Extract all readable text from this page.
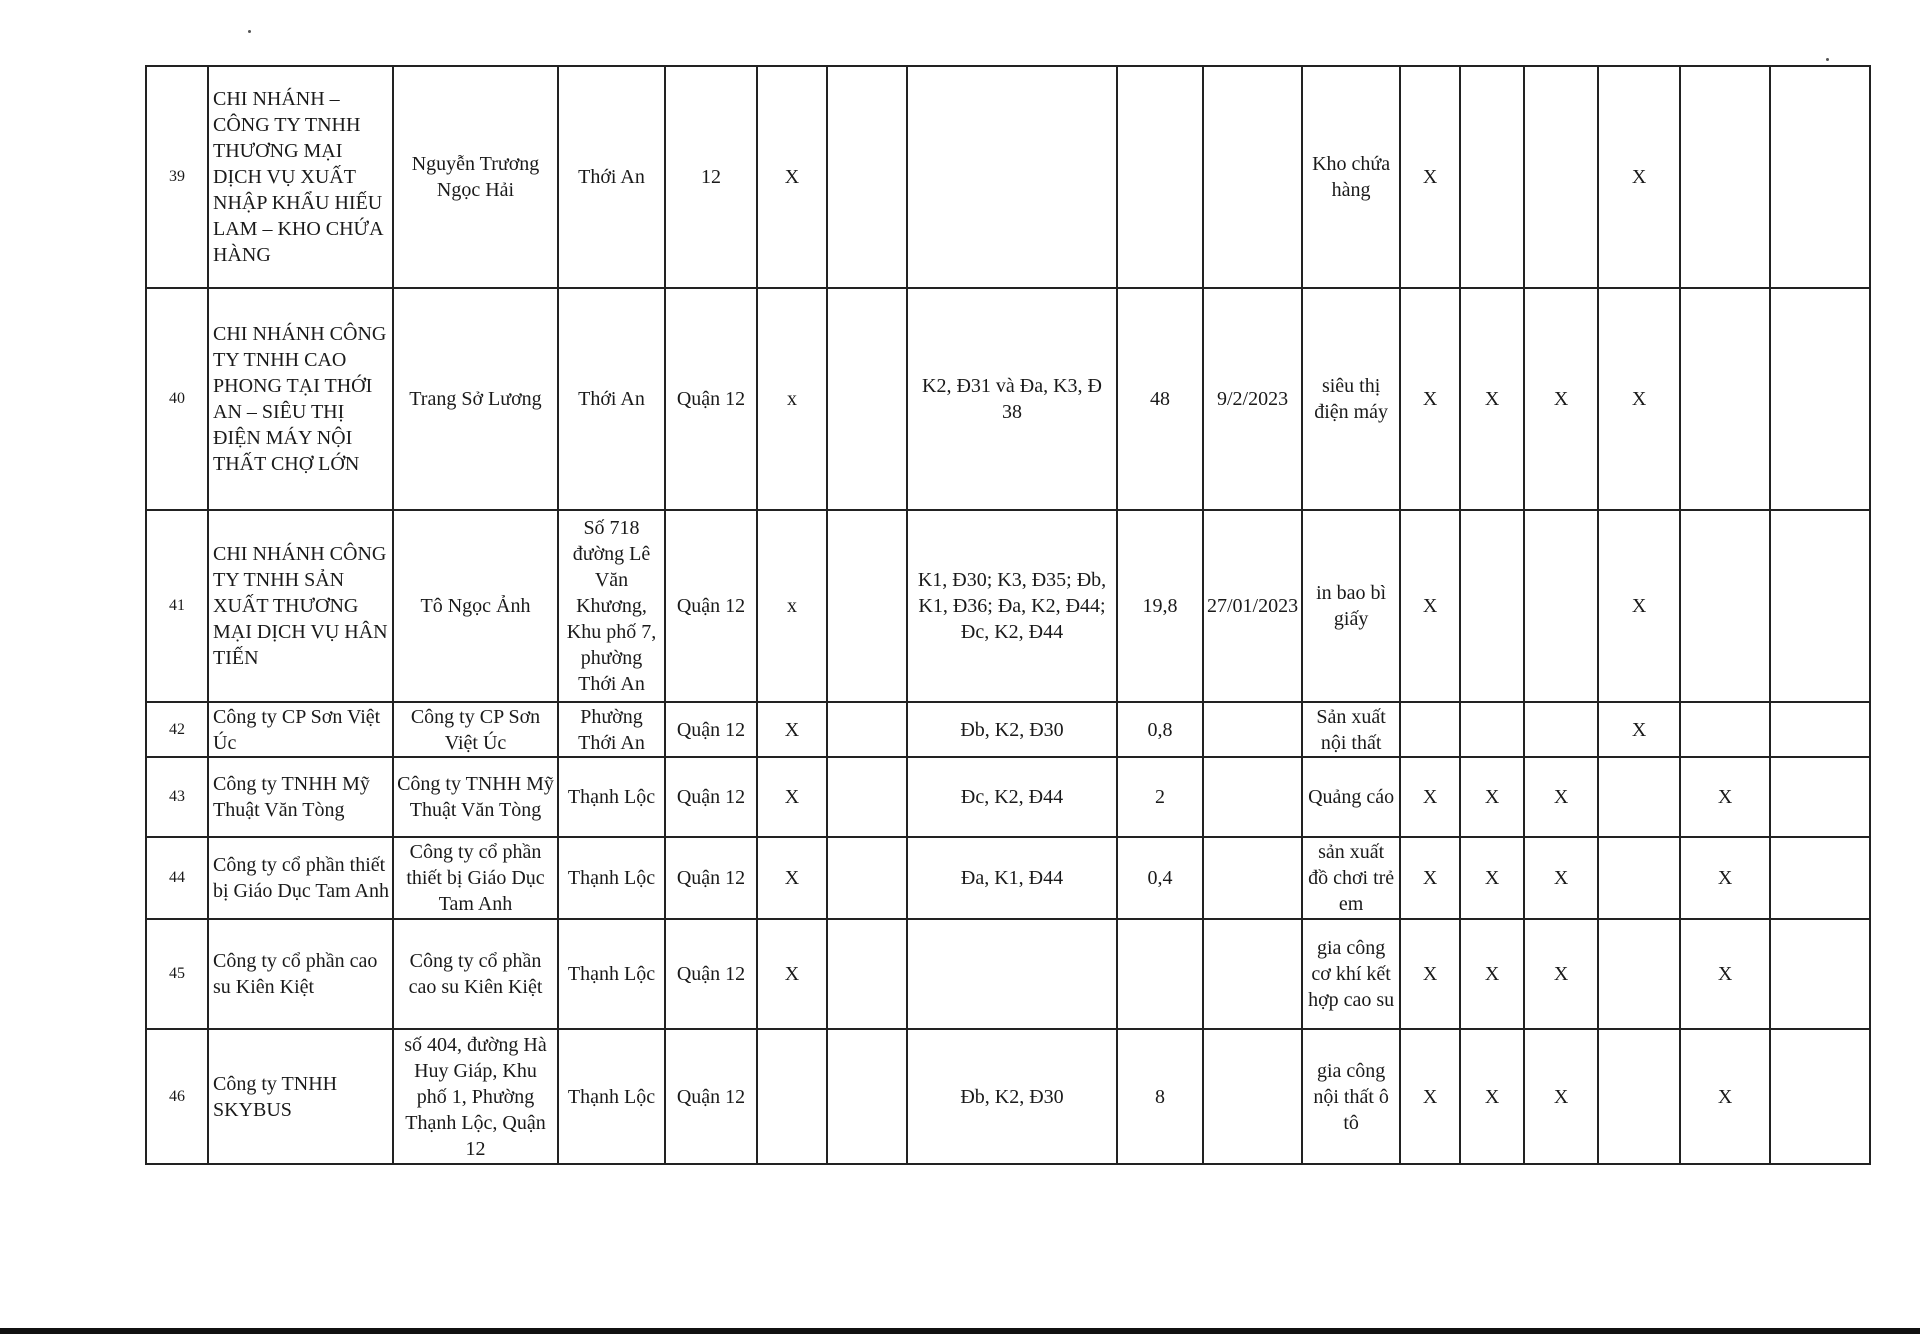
39	CHI NHÁNH – CÔNG TY TNHH THƯƠNG MẠI DỊCH VỤ XUẤT NHẬP KHẨU HIẾU LAM – KHO CHỨA HÀNG	Nguyễn Trương Ngọc Hải	Thới An	12	X					Kho chứa hàng	X			X		
40	CHI NHÁNH CÔNG TY TNHH CAO PHONG TẠI THỚI AN – SIÊU THỊ ĐIỆN MÁY NỘI THẤT CHỢ LỚN	Trang Sở Lương	Thới An	Quận 12	x		K2, Đ31 và Đa, K3, Đ 38	48	9/2/2023	siêu thị điện máy	X	X	X	X		
41	CHI NHÁNH CÔNG TY TNHH SẢN XUẤT THƯƠNG MẠI DỊCH VỤ HÂN TIẾN	Tô Ngọc Ảnh	Số 718 đường Lê Văn Khương, Khu phố 7, phường Thới An	Quận 12	x		K1, Đ30; K3, Đ35; Đb, K1, Đ36; Đa, K2, Đ44; Đc, K2, Đ44	19,8	27/01/2023	in bao bì giấy	X			X		
42	Công ty CP Sơn Việt Úc	Công ty CP Sơn Việt Úc	Phường Thới An	Quận 12	X		Đb, K2, Đ30	0,8		Sản xuất nội thất				X		
43	Công ty TNHH Mỹ Thuật Văn Tòng	Công ty TNHH Mỹ Thuật Văn Tòng	Thạnh Lộc	Quận 12	X		Đc, K2, Đ44	2		Quảng cáo	X	X	X		X	
44	Công ty cổ phần thiết bị Giáo Dục Tam Anh	Công ty cổ phần thiết bị Giáo Dục Tam Anh	Thạnh Lộc	Quận 12	X		Đa, K1, Đ44	0,4		sản xuất đồ chơi trẻ em	X	X	X		X	
45	Công ty cổ phần cao su Kiên Kiệt	Công ty cổ phần cao su Kiên Kiệt	Thạnh Lộc	Quận 12	X					gia công cơ khí kết hợp cao su	X	X	X		X	
46	Công ty TNHH SKYBUS	số 404, đường Hà Huy Giáp, Khu phố 1, Phường Thạnh Lộc, Quận 12	Thạnh Lộc	Quận 12			Đb, K2, Đ30	8		gia công nội thất ô tô	X	X	X		X	
